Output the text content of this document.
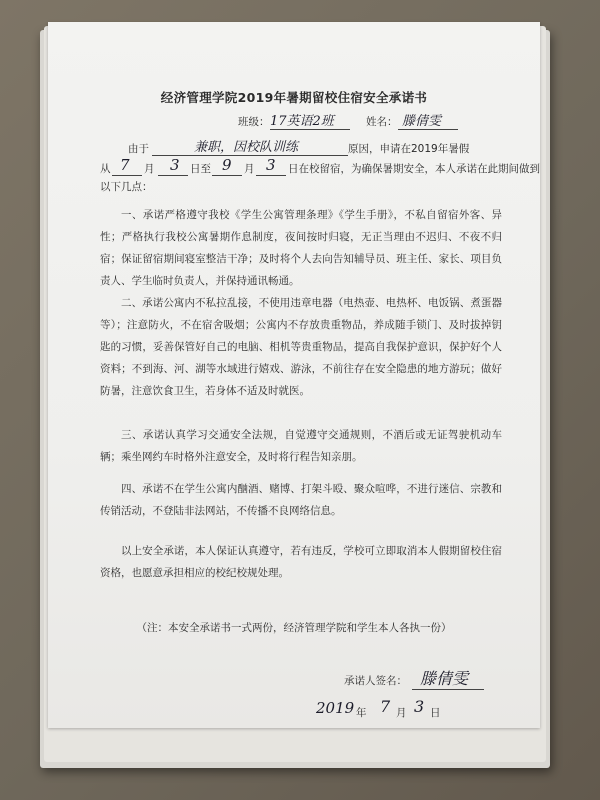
经济管理学院2019年暑期留校住宿安全承诺书
班级： 17英语2班	姓名： 滕倩雯
由于	兼职，因校队训练	原因，申请在2019年暑假
从 7 月 3 日至 9 月 3 日在校留宿，为确保暑期安全，本人承诺在此期间做到
以下几点：
一、承诺严格遵守我校《学生公寓管理条理》《学生手册》，不私自留宿外客、异性；严格执行我校公寓暑期作息制度，夜间按时归寝，无正当理由不迟归、不夜不归宿；保证留宿期间寝室整洁干净；及时将个人去向告知辅导员、班主任、家长、项目负责人、学生临时负责人，并保持通讯畅通。
二、承诺公寓内不私拉乱接，不使用违章电器（电热壶、电热杯、电饭锅、煮蛋器等）；注意防火，不在宿舍吸烟；公寓内不存放贵重物品，养成随手锁门、及时拔掉钥匙的习惯，妥善保管好自己的电脑、相机等贵重物品，提高自我保护意识，保护好个人资料；不到海、河、湖等水域进行嬉戏、游泳，不前往存在安全隐患的地方游玩；做好防暑，注意饮食卫生，若身体不适及时就医。
三、承诺认真学习交通安全法规，自觉遵守交通规则，不酒后或无证驾驶机动车辆；乘坐网约车时格外注意安全，及时将行程告知亲朋。
四、承诺不在学生公寓内酗酒、赌博、打架斗殴、聚众喧哗，不进行迷信、宗教和传销活动，不登陆非法网站，不传播不良网络信息。
以上安全承诺，本人保证认真遵守，若有违反，学校可立即取消本人假期留校住宿资格，也愿意承担相应的校纪校规处理。
（注：本安全承诺书一式两份，经济管理学院和学生本人各执一份）
承诺人签名： 滕倩雯
2019 年 7 月 3 日
